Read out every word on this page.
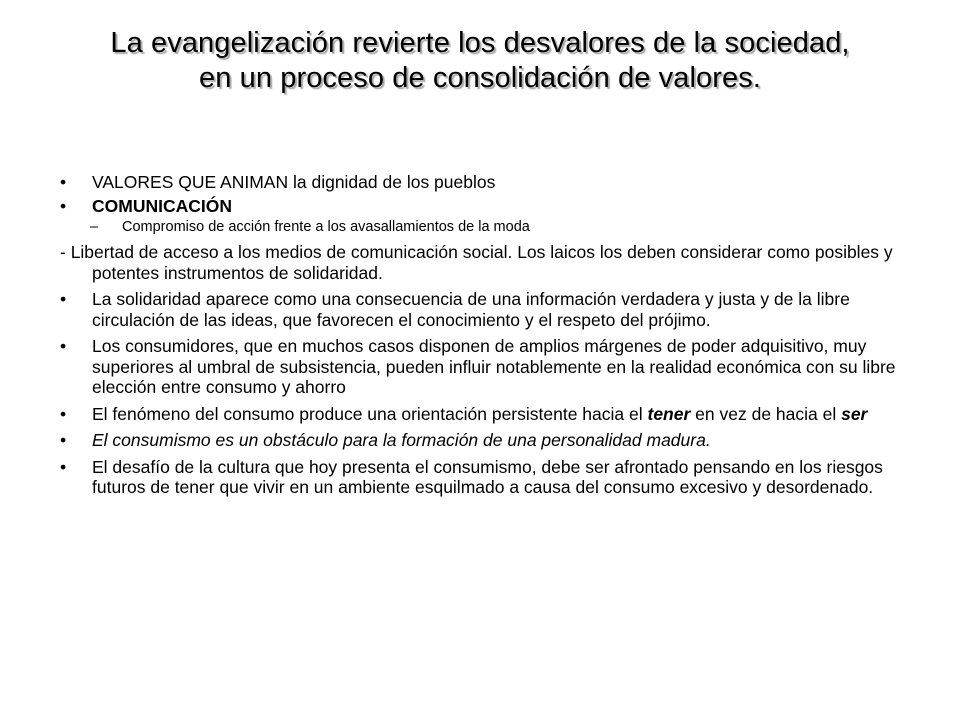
La evangelización revierte los desvalores de la sociedad,
en un proceso de consolidación de valores.
•	VALORES QUE ANIMAN la dignidad de los pueblos
•	COMUNICACIÓN
–	Compromiso de acción frente a los avasallamientos de la moda
- Libertad de acceso a los medios de comunicación social. Los laicos los deben considerar como posibles y potentes instrumentos de solidaridad.
•	La solidaridad aparece como una consecuencia de una información verdadera y justa y de la libre circulación de las ideas, que favorecen el conocimiento y el respeto del prójimo.
•	Los consumidores, que en muchos casos disponen de amplios márgenes de poder adquisitivo, muy superiores al umbral de subsistencia, pueden influir notablemente en la realidad económica con su libre elección entre consumo y ahorro
•	El fenómeno del consumo produce una orientación persistente hacia el tener en vez de hacia el ser
•	El consumismo es un obstáculo para la formación de una personalidad madura.
•	El desafío de la cultura que hoy presenta el consumismo, debe ser afrontado pensando en los riesgos futuros de tener que vivir en un ambiente esquilmado a causa del consumo excesivo y desordenado.
